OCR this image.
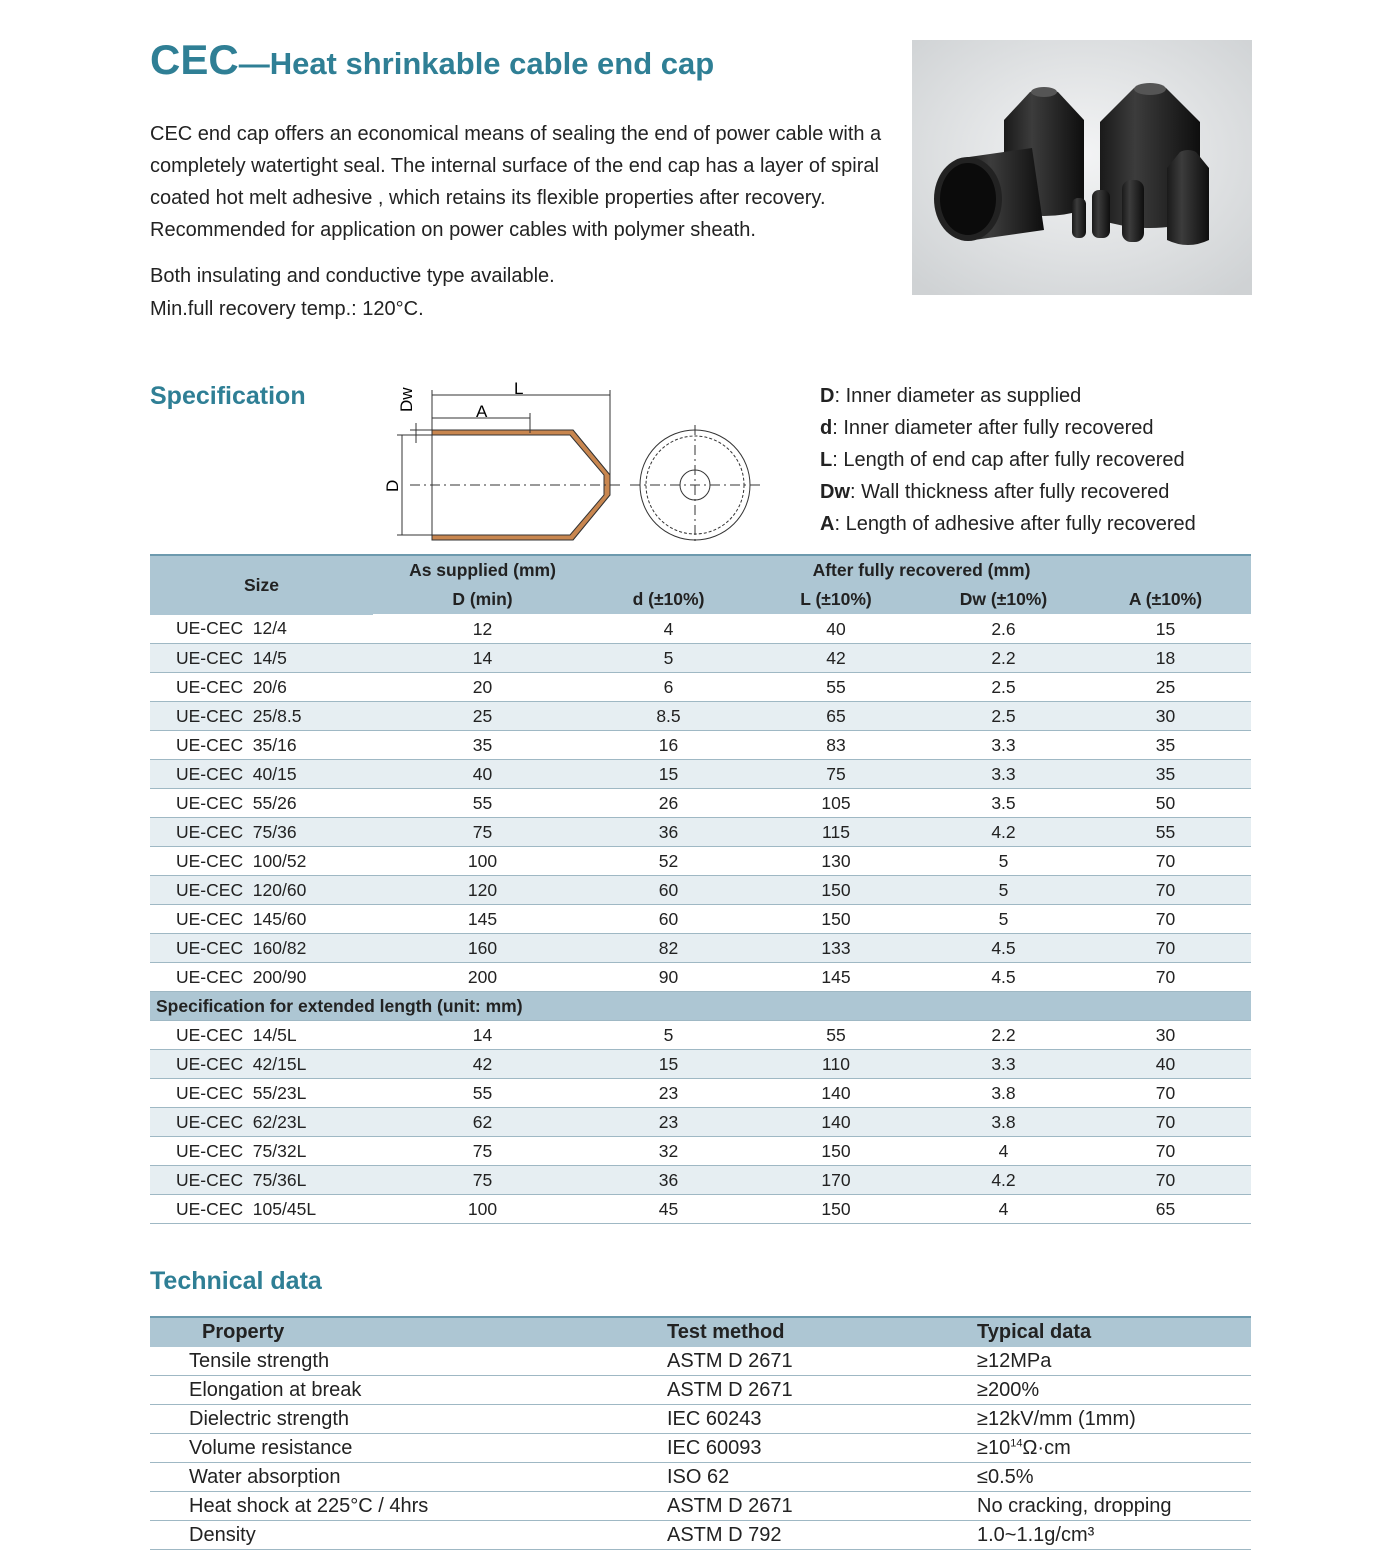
CEC—Heat shrinkable cable end cap

CEC end cap offers an economical means of sealing the end of power cable with a completely watertight seal. The internal surface of the end cap has a layer of spiral coated hot melt adhesive , which retains its flexible properties after recovery. Recommended for application on power cables with polymer sheath.

Both insulating and conductive type available.

Min.full recovery temp.: 120°C.

Specification	L
A
Dw
D
D: Inner diameter as supplied
d: Inner diameter after fully recovered
L: Length of end cap after fully recovered
Dw: Wall thickness after fully recovered
A: Length of adhesive after fully recovered
Size	As supplied (mm)	After fully recovered (mm)			
	D (min)	d (±10%)	L (±10%)	Dw (±10%)	A (±10%)
UE-CEC  12/4	12	4	40	2.6	15
UE-CEC  14/5	14	5	42	2.2	18
UE-CEC  20/6	20	6	55	2.5	25
UE-CEC  25/8.5	25	8.5	65	2.5	30
UE-CEC  35/16	35	16	83	3.3	35
UE-CEC  40/15	40	15	75	3.3	35
UE-CEC  55/26	55	26	105	3.5	50
UE-CEC  75/36	75	36	115	4.2	55
UE-CEC  100/52	100	52	130	5	70
UE-CEC  120/60	120	60	150	5	70
UE-CEC  145/60	145	60	150	5	70
UE-CEC  160/82	160	82	133	4.5	70
UE-CEC  200/90	200	90	145	4.5	70
Specification for extended length (unit: mm)					
UE-CEC  14/5L	14	5	55	2.2	30
UE-CEC  42/15L	42	15	110	3.3	40
UE-CEC  55/23L	55	23	140	3.8	70
UE-CEC  62/23L	62	23	140	3.8	70
UE-CEC  75/32L	75	32	150	4	70
UE-CEC  75/36L	75	36	170	4.2	70
UE-CEC  105/45L	100	45	150	4	65
Technical data
Property	Test method	Typical data
Tensile strength	ASTM D 2671	≥12MPa
Elongation at break	ASTM D 2671	≥200%
Dielectric strength	IEC 60243	≥12kV/mm (1mm)
Volume resistance	IEC 60093	$\ge 10^{14}\Omega\cdot cm$
Water absorption	ISO 62	≤0.5%
Heat shock at 225°C / 4hrs	ASTM D 2671	No cracking, dropping
Density	ASTM D 792	1.0~1.1g/cm³
